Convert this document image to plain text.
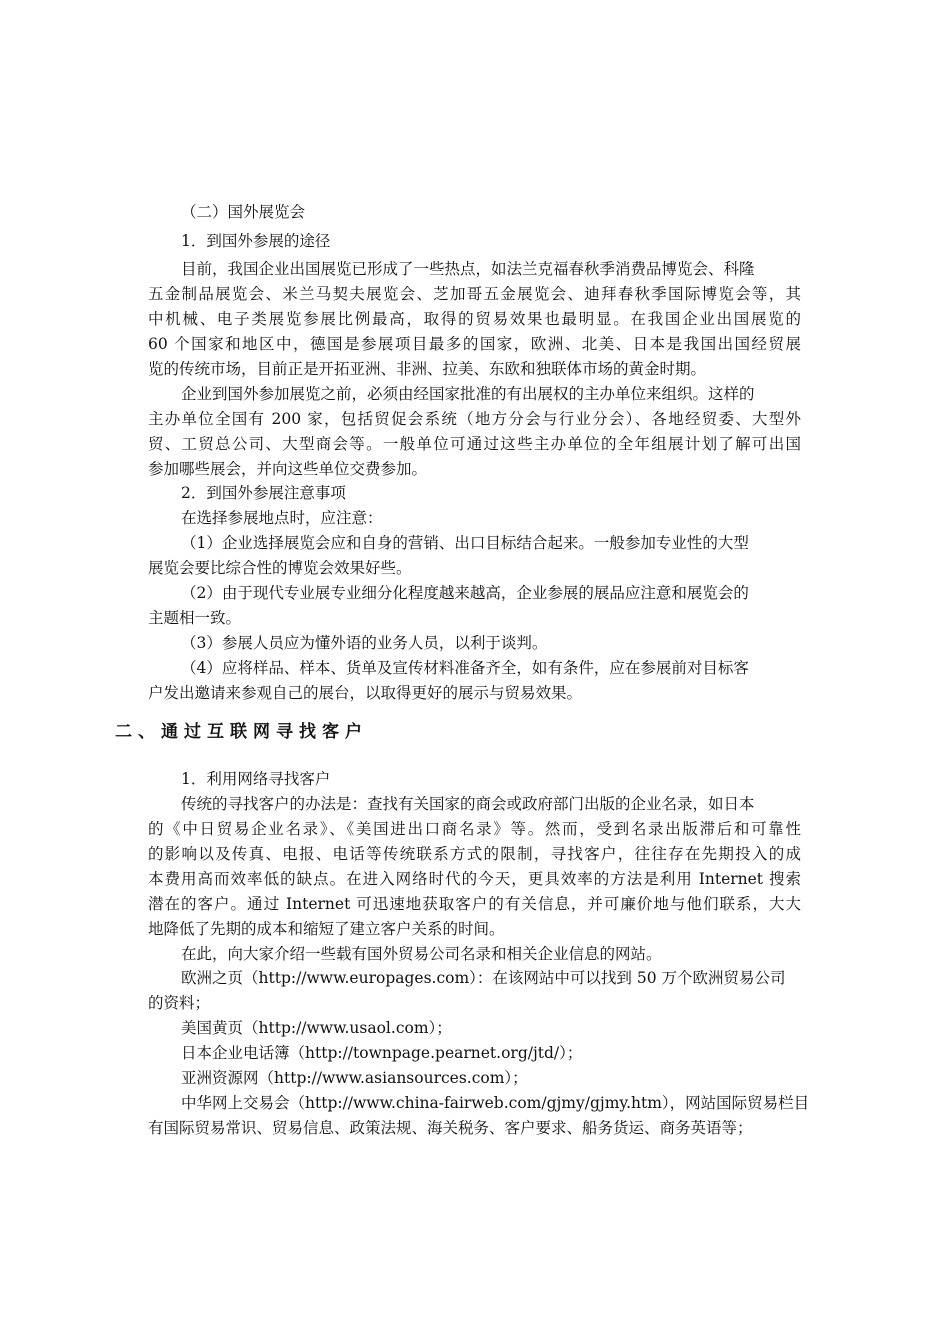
（二）国外展览会
1．到国外参展的途径
目前，我国企业出国展览已形成了一些热点，如法兰克福春秋季消费品博览会、科隆
五金制品展览会、米兰马契夫展览会、芝加哥五金展览会、迪拜春秋季国际博览会等，其
中机械、电子类展览参展比例最高，取得的贸易效果也最明显。在我国企业出国展览的
60 个国家和地区中，德国是参展项目最多的国家，欧洲、北美、日本是我国出国经贸展
览的传统市场，目前正是开拓亚洲、非洲、拉美、东欧和独联体市场的黄金时期。
企业到国外参加展览之前，必须由经国家批准的有出展权的主办单位来组织。这样的
主办单位全国有 200 家，包括贸促会系统（地方分会与行业分会）、各地经贸委、大型外
贸、工贸总公司、大型商会等。一般单位可通过这些主办单位的全年组展计划了解可出国
参加哪些展会，并向这些单位交费参加。
2．到国外参展注意事项
在选择参展地点时，应注意：
（1）企业选择展览会应和自身的营销、出口目标结合起来。一般参加专业性的大型
展览会要比综合性的博览会效果好些。
（2）由于现代专业展专业细分化程度越来越高，企业参展的展品应注意和展览会的
主题相一致。
（3）参展人员应为懂外语的业务人员，以利于谈判。
（4）应将样品、样本、货单及宣传材料准备齐全，如有条件，应在参展前对目标客
户发出邀请来参观自己的展台，以取得更好的展示与贸易效果。
二、通过互联网寻找客户
1．利用网络寻找客户
传统的寻找客户的办法是：查找有关国家的商会或政府部门出版的企业名录，如日本
的《中日贸易企业名录》、《美国进出口商名录》等。然而，受到名录出版滞后和可靠性
的影响以及传真、电报、电话等传统联系方式的限制，寻找客户，往往存在先期投入的成
本费用高而效率低的缺点。在进入网络时代的今天，更具效率的方法是利用 Internet 搜索
潜在的客户。通过 Internet 可迅速地获取客户的有关信息，并可廉价地与他们联系，大大
地降低了先期的成本和缩短了建立客户关系的时间。
在此，向大家介绍一些载有国外贸易公司名录和相关企业信息的网站。
欧洲之页（http://www.europages.com）：在该网站中可以找到 50 万个欧洲贸易公司
的资料；
美国黄页（http://www.usaol.com）；
日本企业电话簿（http://townpage.pearnet.org/jtd/）；
亚洲资源网（http://www.asiansources.com）；
中华网上交易会（http://www.china-fairweb.com/gjmy/gjmy.htm），网站国际贸易栏目
有国际贸易常识、贸易信息、政策法规、海关税务、客户要求、船务货运、商务英语等；
